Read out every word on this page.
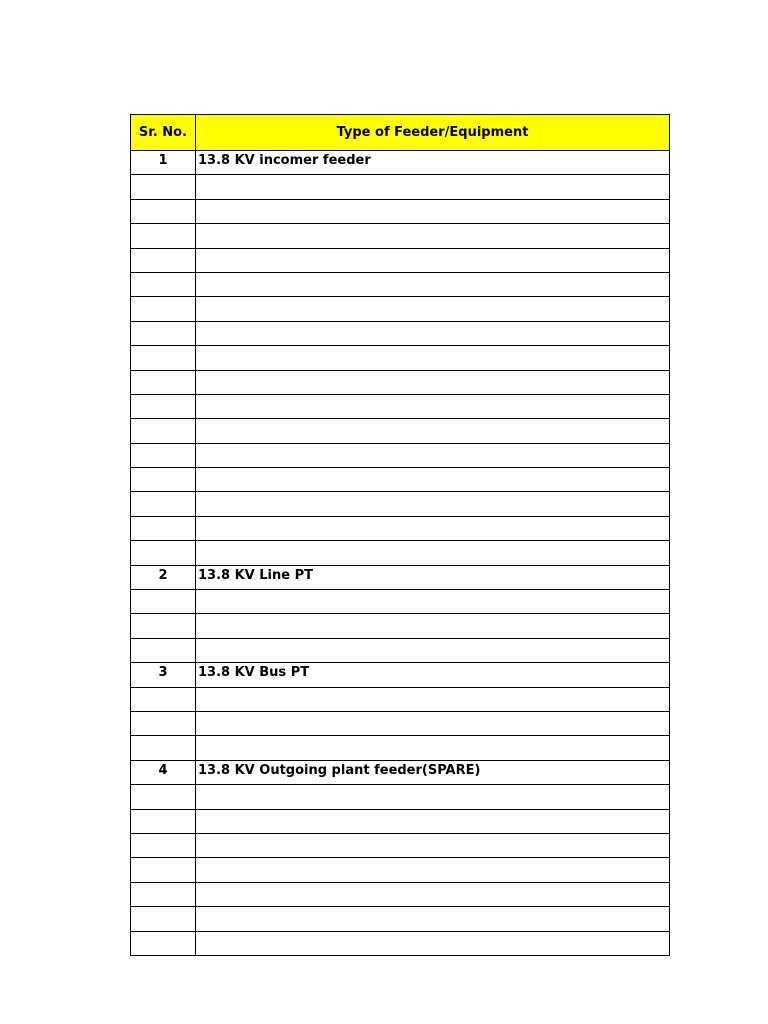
Sr. No.	Type of Feeder/Equipment
1	13.8 KV incomer feeder

2	13.8 KV Line PT

3	13.8 KV Bus PT

4	13.8 KV Outgoing plant feeder(SPARE)
